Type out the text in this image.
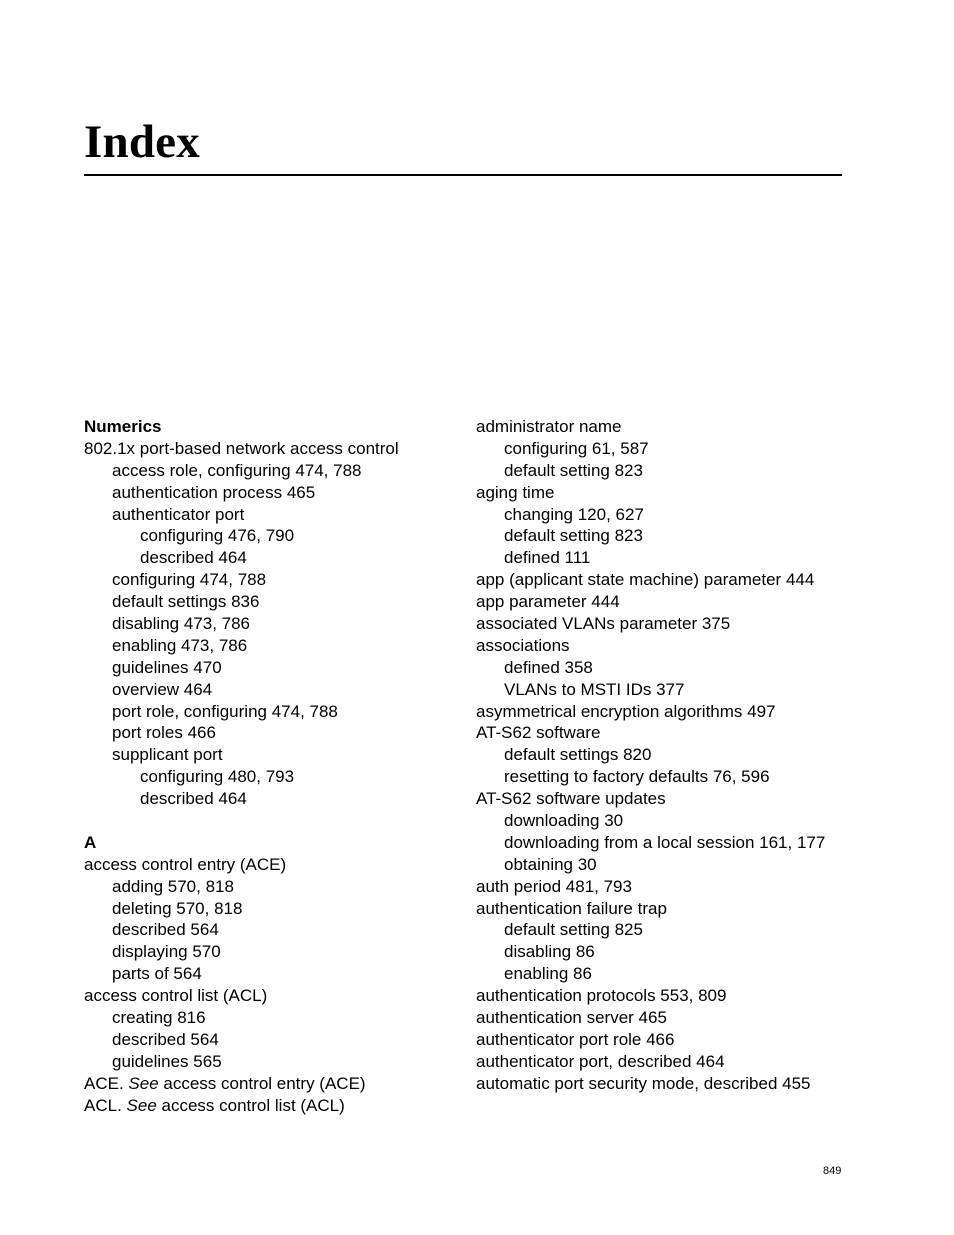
Index
Numerics
802.1x port-based network access control
access role, configuring 474, 788
authentication process 465
authenticator port
configuring 476, 790
described 464
configuring 474, 788
default settings 836
disabling 473, 786
enabling 473, 786
guidelines 470
overview 464
port role, configuring 474, 788
port roles 466
supplicant port
configuring 480, 793
described 464
A
access control entry (ACE)
adding 570, 818
deleting 570, 818
described 564
displaying 570
parts of 564
access control list (ACL)
creating 816
described 564
guidelines 565
ACE. See access control entry (ACE)
ACL. See access control list (ACL)
administrator name
configuring 61, 587
default setting 823
aging time
changing 120, 627
default setting 823
defined 111
app (applicant state machine) parameter 444
app parameter 444
associated VLANs parameter 375
associations
defined 358
VLANs to MSTI IDs 377
asymmetrical encryption algorithms 497
AT-S62 software
default settings 820
resetting to factory defaults 76, 596
AT-S62 software updates
downloading 30
downloading from a local session 161, 177
obtaining 30
auth period 481, 793
authentication failure trap
default setting 825
disabling 86
enabling 86
authentication protocols 553, 809
authentication server 465
authenticator port role 466
authenticator port, described 464
automatic port security mode, described 455
849
